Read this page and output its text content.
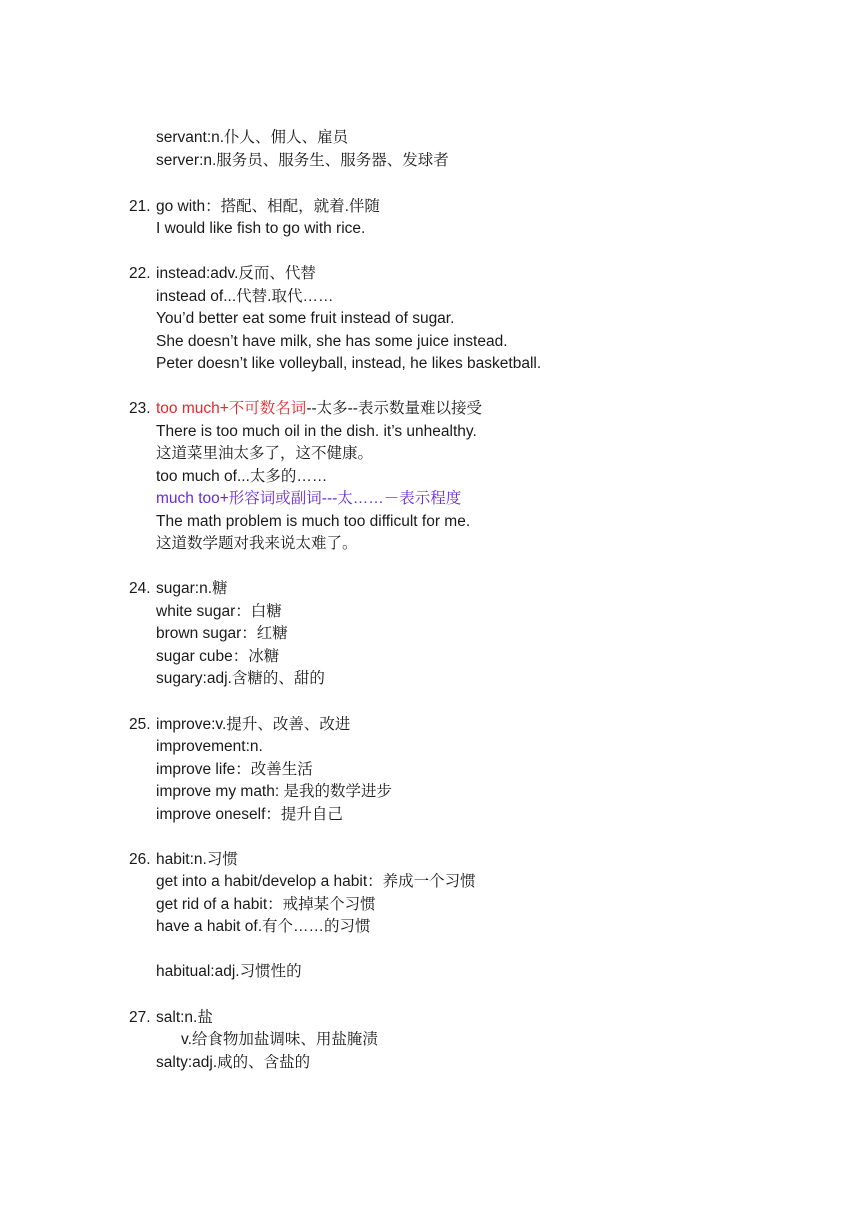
servant:n.仆人、佣人、雇员
server:n.服务员、服务生、服务器、发球者
21. go with：搭配、相配，就着.伴随
I would like fish to go with rice.
22. instead:adv.反而、代替
instead of...代替.取代……
You’d better eat some fruit instead of sugar.
She doesn’t have milk, she has some juice instead.
Peter doesn’t like volleyball, instead, he likes basketball.
23. too much+不可数名词--太多--表示数量难以接受
There is too much oil in the dish. it’s unhealthy.
这道菜里油太多了，这不健康。
too much of...太多的……
much too+形容词或副词---太……－表示程度
The math problem is much too difficult for me.
这道数学题对我来说太难了。
24. sugar:n.糖
white sugar：白糖
brown sugar：红糖
sugar cube：冰糖
sugary:adj.含糖的、甜的
25. improve:v.提升、改善、改进
improvement:n.
improve life：改善生活
improve my math: 是我的数学进步
improve oneself：提升自己
26. habit:n.习惯
get into a habit/develop a habit：养成一个习惯
get rid of a habit：戒掉某个习惯
have a habit of.有个……的习惯
habitual:adj.习惯性的
27. salt:n.盐
v.给食物加盐调味、用盐腌渍
salty:adj.咸的、含盐的
